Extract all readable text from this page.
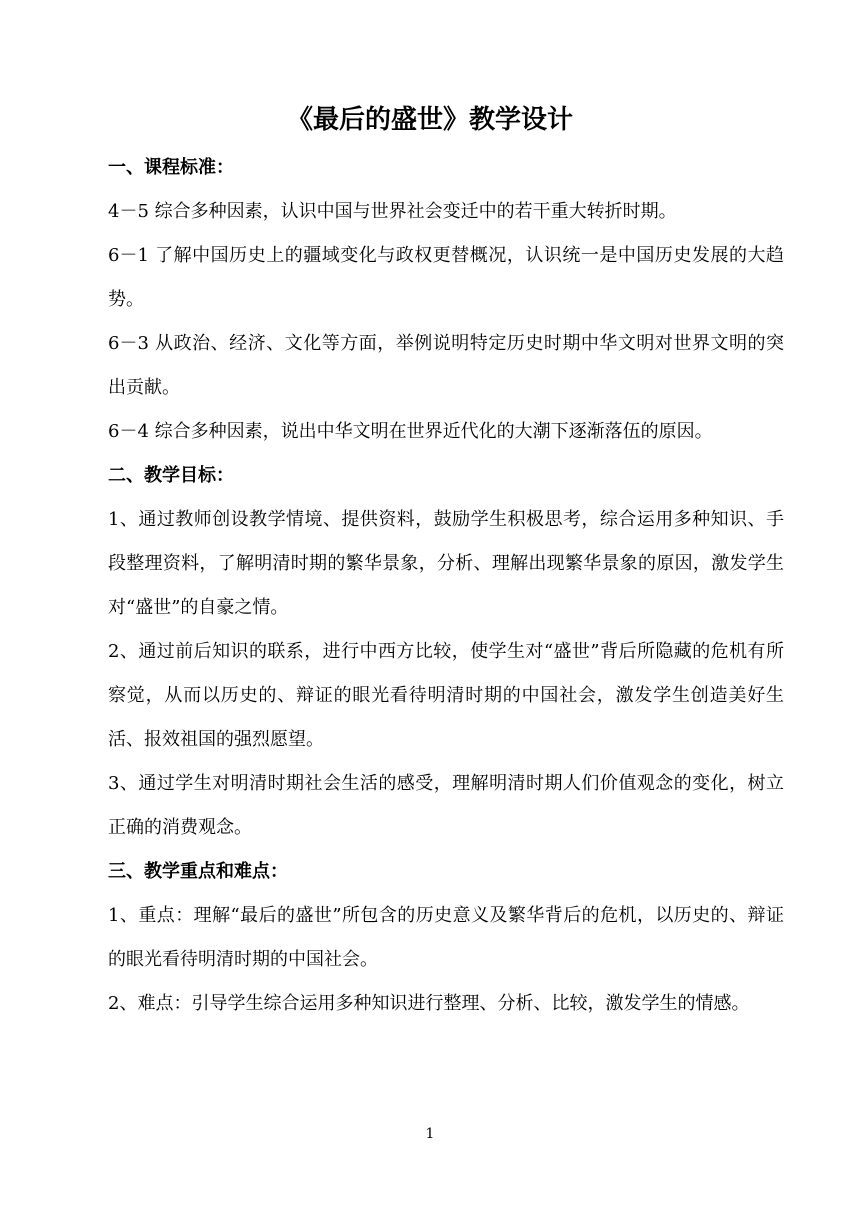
《最后的盛世》教学设计
一、课程标准：

4－5 综合多种因素，认识中国与世界社会变迁中的若干重大转折时期。

6－1 了解中国历史上的疆域变化与政权更替概况，认识统一是中国历史发展的大趋势。

6－3 从政治、经济、文化等方面，举例说明特定历史时期中华文明对世界文明的突出贡献。

6－4 综合多种因素，说出中华文明在世界近代化的大潮下逐渐落伍的原因。

二、教学目标：

1、通过教师创设教学情境、提供资料，鼓励学生积极思考，综合运用多种知识、手段整理资料，了解明清时期的繁华景象，分析、理解出现繁华景象的原因，激发学生对“盛世”的自豪之情。

2、通过前后知识的联系，进行中西方比较，使学生对“盛世”背后所隐藏的危机有所察觉，从而以历史的、辩证的眼光看待明清时期的中国社会，激发学生创造美好生活、报效祖国的强烈愿望。

3、通过学生对明清时期社会生活的感受，理解明清时期人们价值观念的变化，树立正确的消费观念。

三、教学重点和难点：

1、重点：理解“最后的盛世”所包含的历史意义及繁华背后的危机，以历史的、辩证的眼光看待明清时期的中国社会。

2、难点：引导学生综合运用多种知识进行整理、分析、比较，激发学生的情感。

1
